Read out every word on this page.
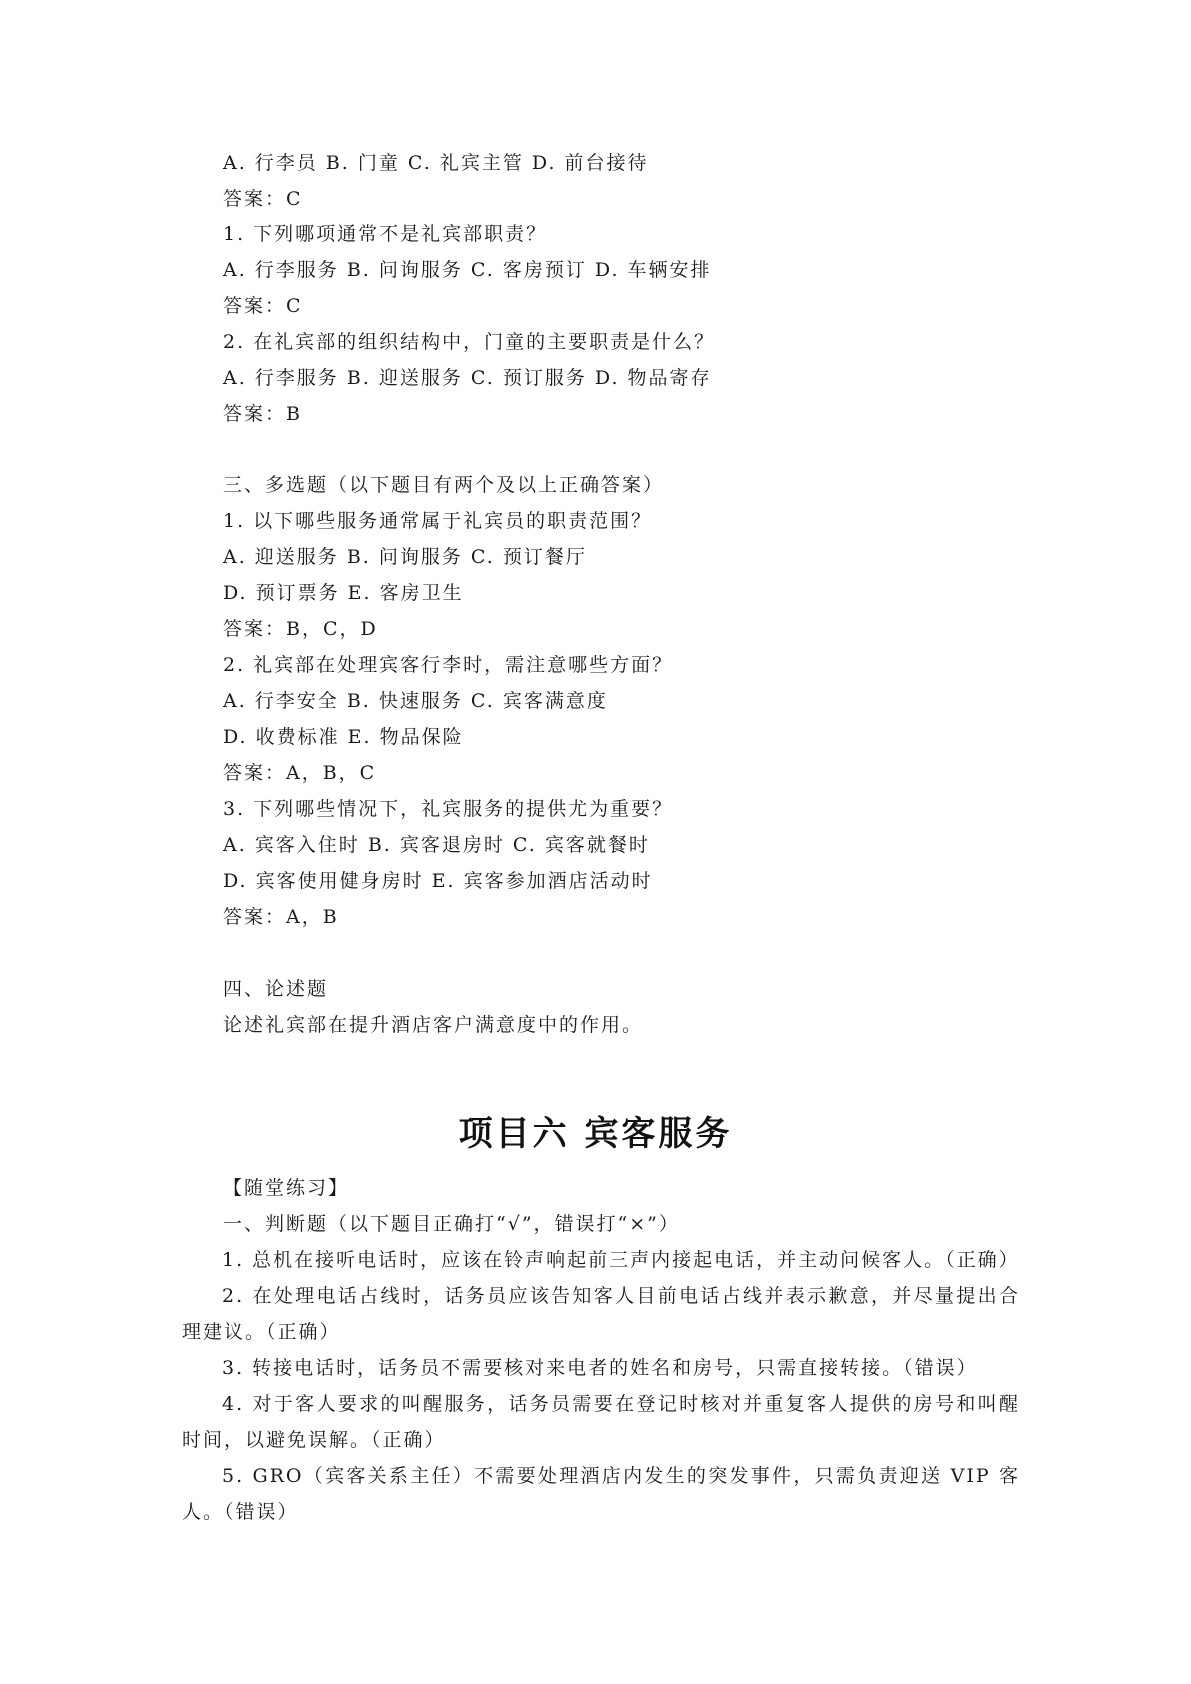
A. 行李员 B. 门童 C. 礼宾主管 D. 前台接待
答案：C
1. 下列哪项通常不是礼宾部职责？
A. 行李服务 B. 问询服务 C. 客房预订 D. 车辆安排
答案：C
2. 在礼宾部的组织结构中，门童的主要职责是什么？
A. 行李服务 B. 迎送服务 C. 预订服务 D. 物品寄存
答案：B
三、多选题（以下题目有两个及以上正确答案）
1. 以下哪些服务通常属于礼宾员的职责范围？
A. 迎送服务 B. 问询服务 C. 预订餐厅
D. 预订票务 E. 客房卫生
答案：B，C，D
2. 礼宾部在处理宾客行李时，需注意哪些方面？
A. 行李安全 B. 快速服务 C. 宾客满意度
D. 收费标准 E. 物品保险
答案：A，B，C
3. 下列哪些情况下，礼宾服务的提供尤为重要？
A. 宾客入住时 B. 宾客退房时 C. 宾客就餐时
D. 宾客使用健身房时 E. 宾客参加酒店活动时
答案：A，B
四、论述题
论述礼宾部在提升酒店客户满意度中的作用。
项目六 宾客服务
【随堂练习】
一、判断题（以下题目正确打“√”，错误打“×”）

1. 总机在接听电话时，应该在铃声响起前三声内接起电话，并主动问候客人。（正确）

2. 在处理电话占线时，话务员应该告知客人目前电话占线并表示歉意，并尽量提出合理建议。（正确）

3. 转接电话时，话务员不需要核对来电者的姓名和房号，只需直接转接。（错误）

4. 对于客人要求的叫醒服务，话务员需要在登记时核对并重复客人提供的房号和叫醒时间，以避免误解。（正确）

5. GRO（宾客关系主任）不需要处理酒店内发生的突发事件，只需负责迎送 VIP 客人。（错误）
